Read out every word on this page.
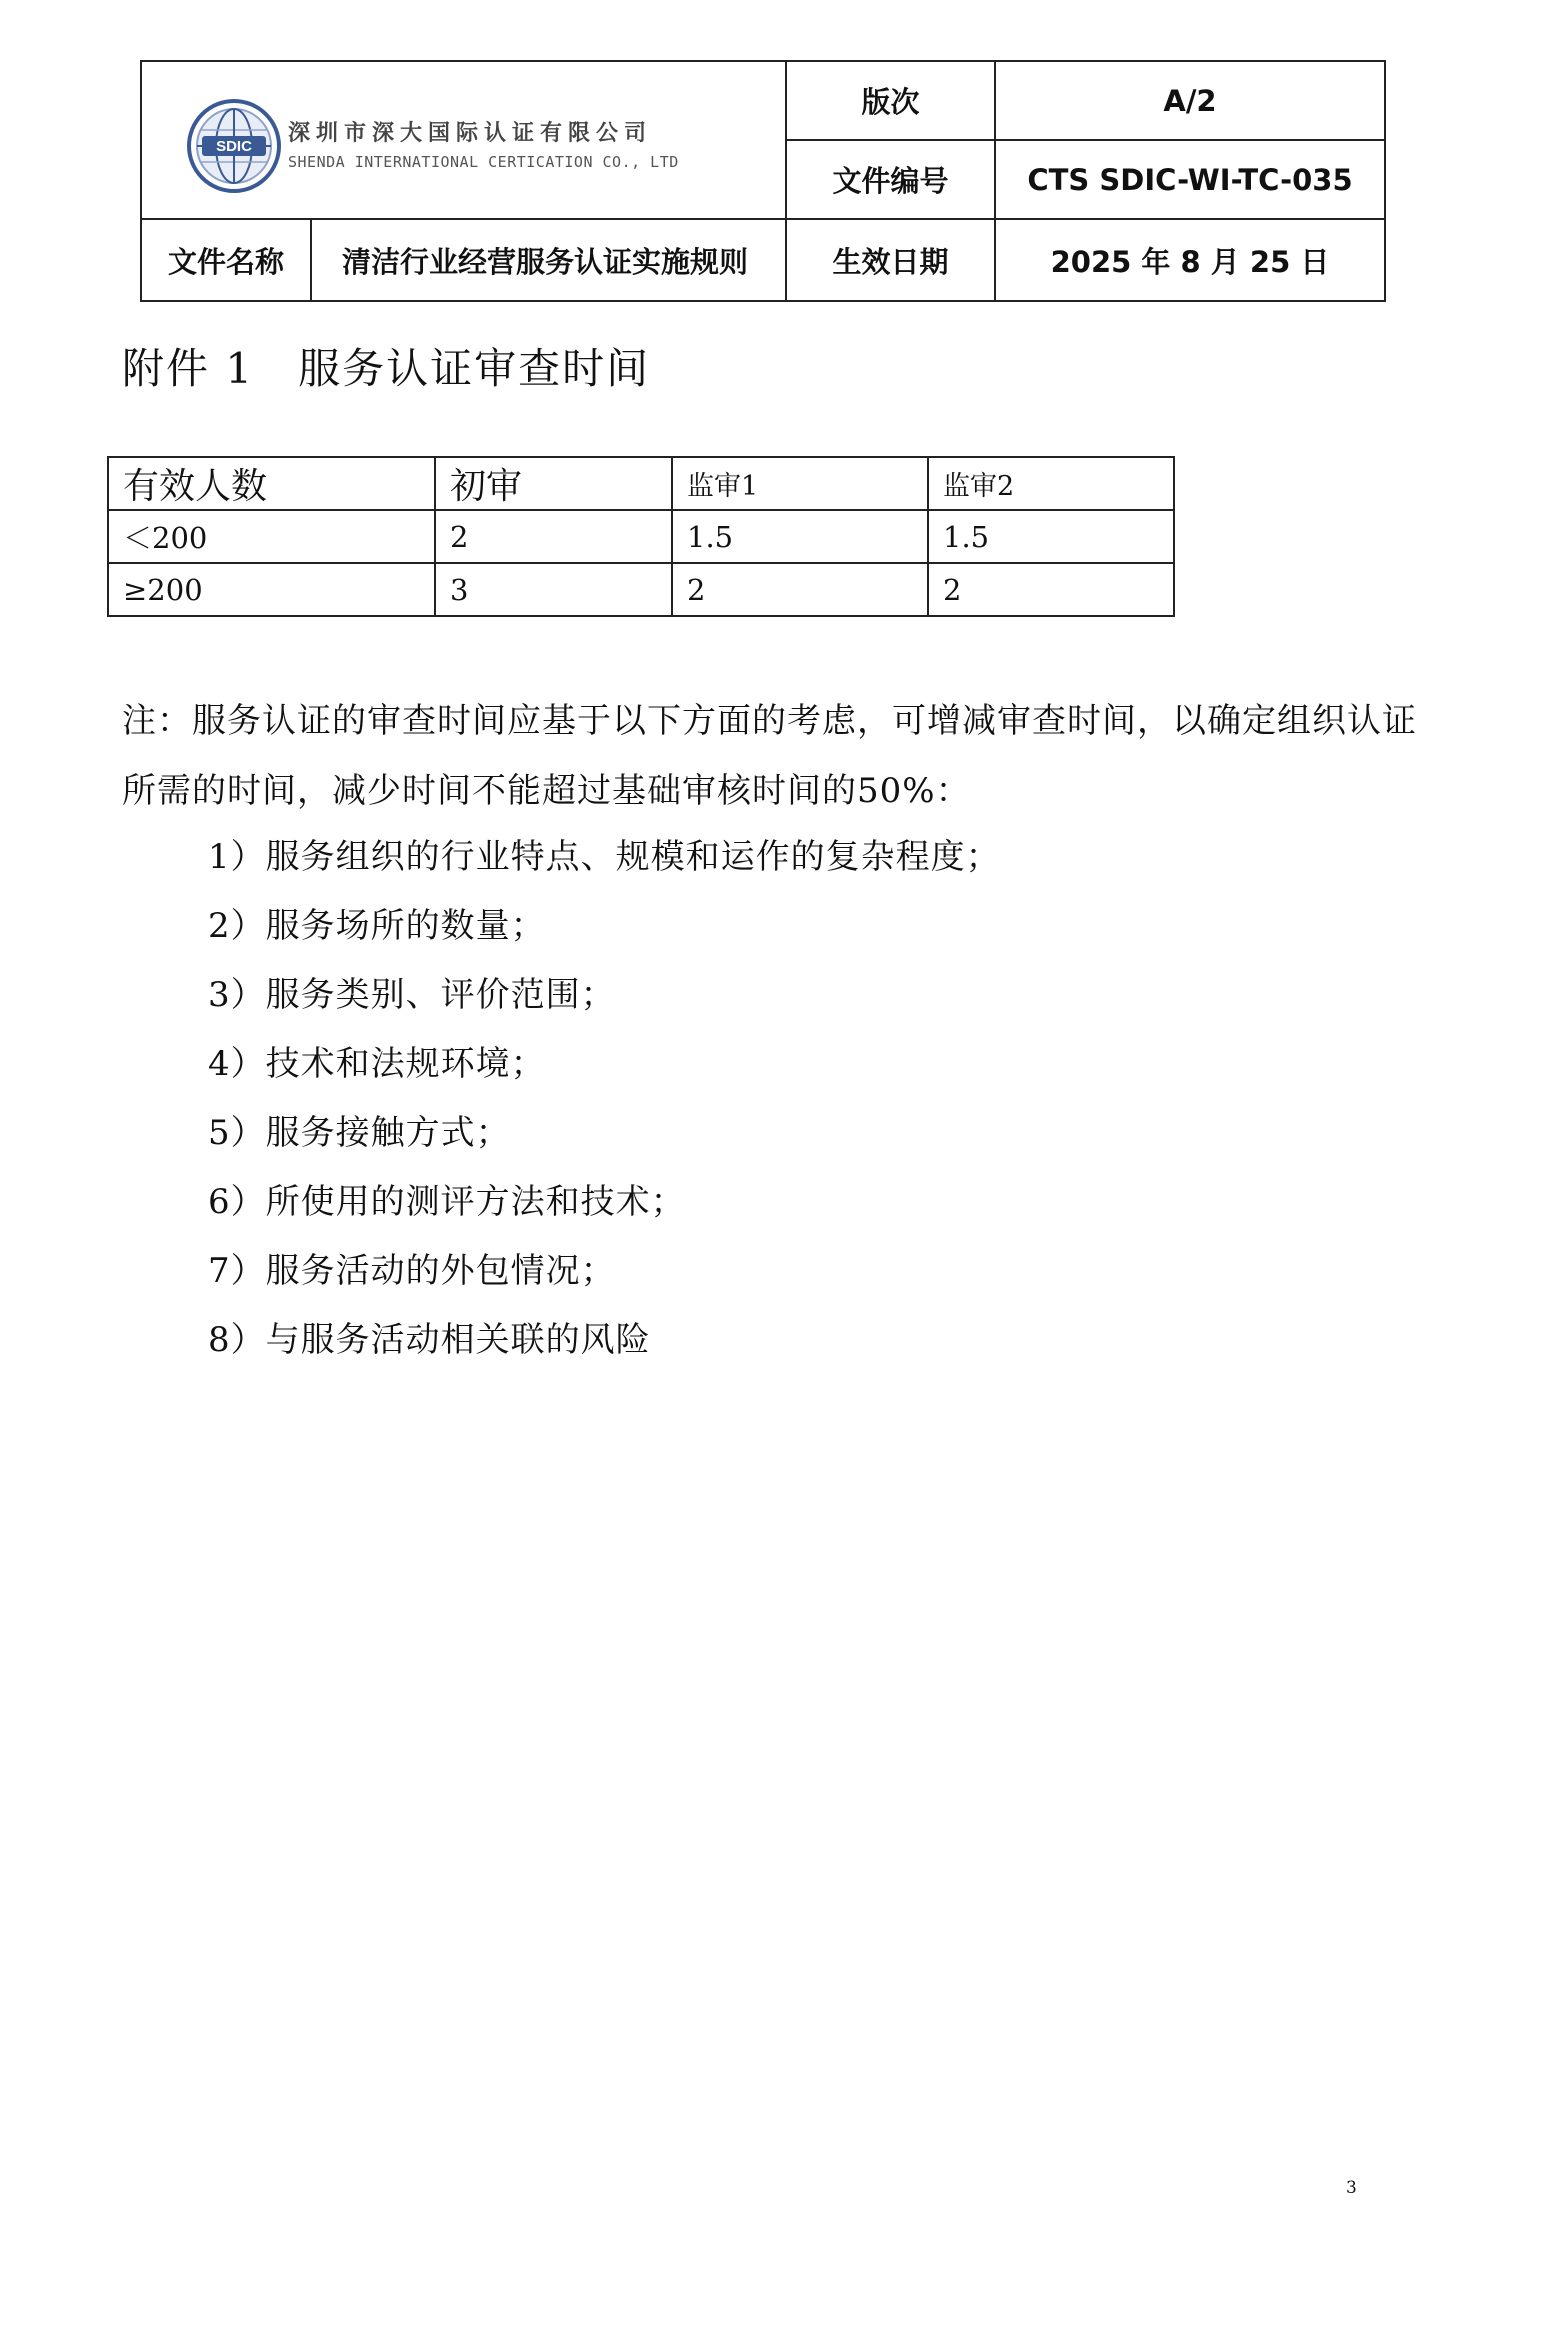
SDIC
深圳市深大国际认证有限公司
SHENDA INTERNATIONAL CERTICATION CO., LTD		版次	A/2
		文件编号	CTS SDIC-WI-TC-035
文件名称	清洁行业经营服务认证实施规则	生效日期	2025 年 8 月 25 日
附件 1　服务认证审查时间
有效人数	初审	监审1	监审2
＜200	2	1.5	1.5
≥200	3	2	2

注：服务认证的审查时间应基于以下方面的考虑，可增减审查时间，以确定组织认证所需的时间，减少时间不能超过基础审核时间的50%：

1）服务组织的行业特点、规模和运作的复杂程度；
2）服务场所的数量；
3）服务类别、评价范围；
4）技术和法规环境；
5）服务接触方式；
6）所使用的测评方法和技术；
7）服务活动的外包情况；
8）与服务活动相关联的风险
3
